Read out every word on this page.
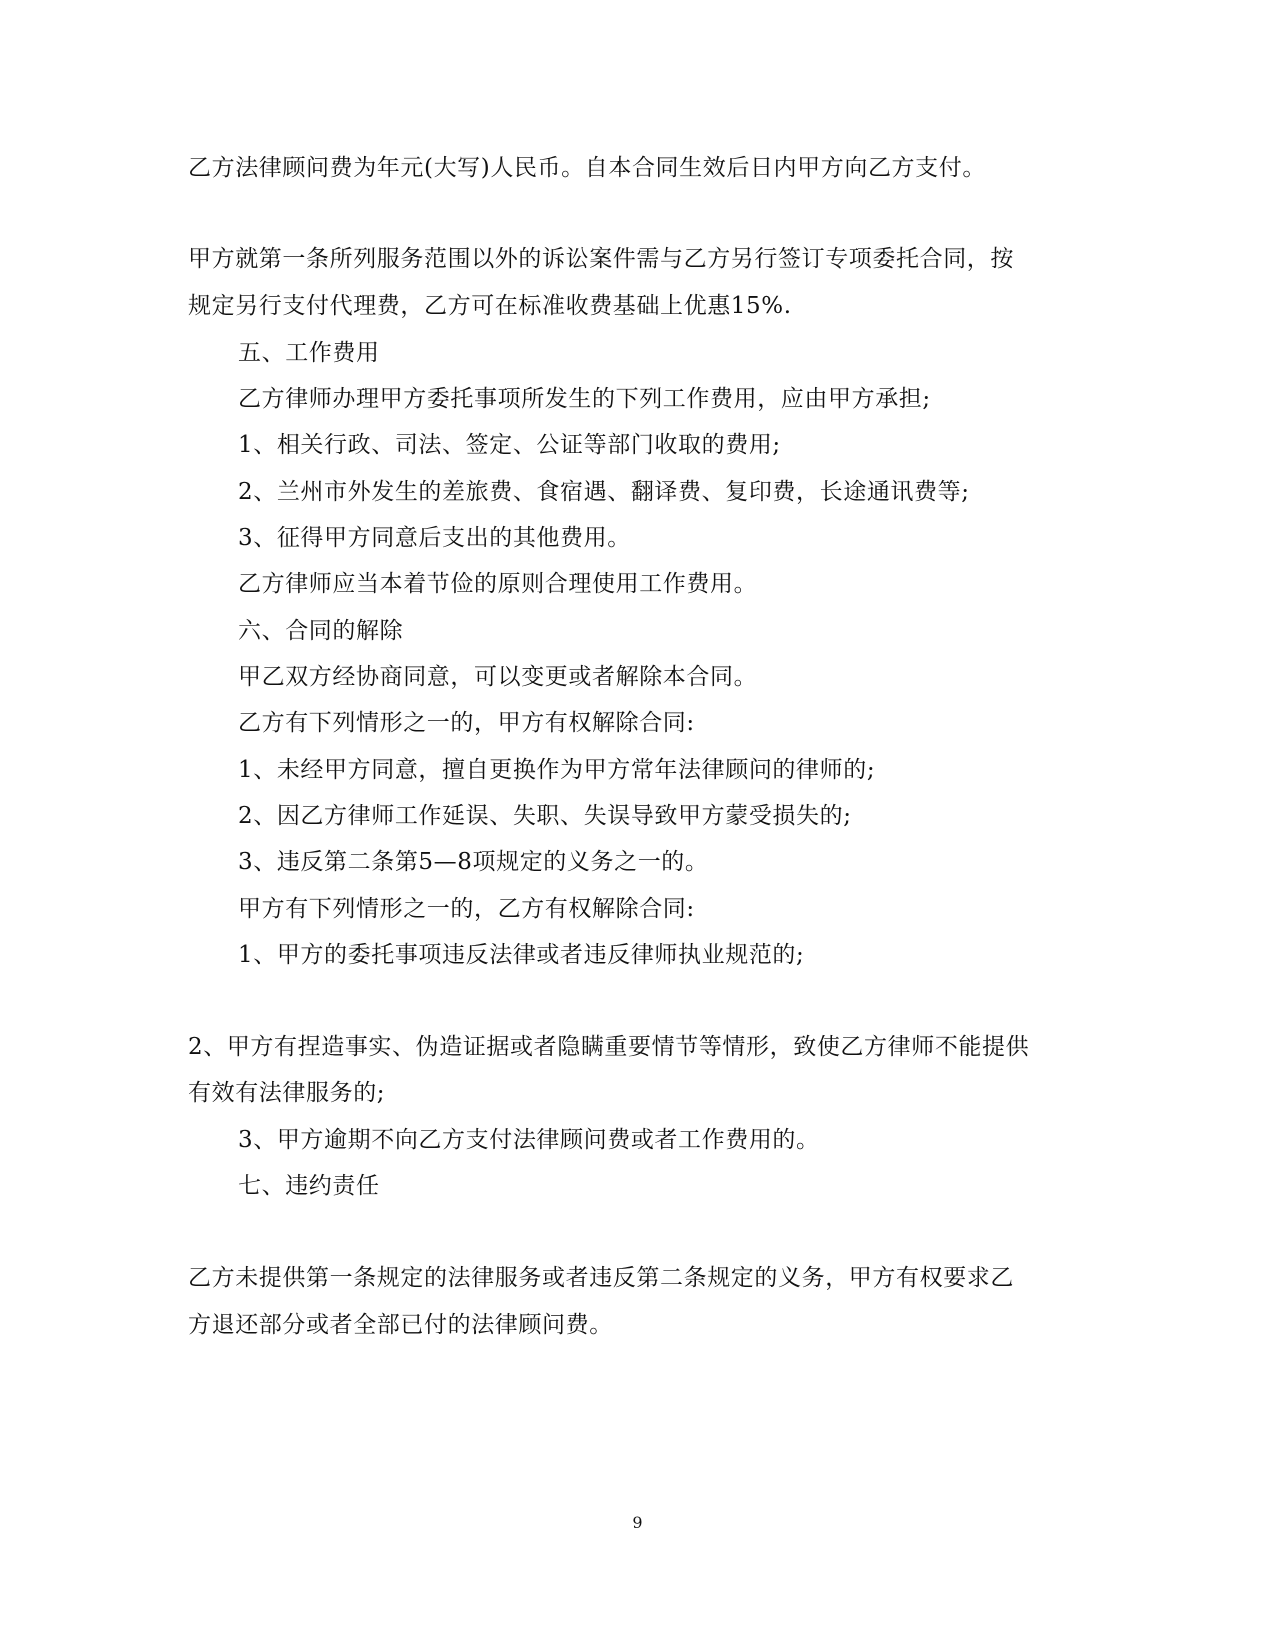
乙方法律顾问费为年元(大写)人民币。自本合同生效后日内甲方向乙方支付。
甲方就第一条所列服务范围以外的诉讼案件需与乙方另行签订专项委托合同，按
规定另行支付代理费，乙方可在标准收费基础上优惠15%.
五、工作费用
乙方律师办理甲方委托事项所发生的下列工作费用，应由甲方承担;
1、相关行政、司法、签定、公证等部门收取的费用;
2、兰州市外发生的差旅费、食宿遇、翻译费、复印费，长途通讯费等;
3、征得甲方同意后支出的其他费用。
乙方律师应当本着节俭的原则合理使用工作费用。
六、合同的解除
甲乙双方经协商同意，可以变更或者解除本合同。
乙方有下列情形之一的，甲方有权解除合同:
1、未经甲方同意，擅自更换作为甲方常年法律顾问的律师的;
2、因乙方律师工作延误、失职、失误导致甲方蒙受损失的;
3、违反第二条第5—8项规定的义务之一的。
甲方有下列情形之一的，乙方有权解除合同:
1、甲方的委托事项违反法律或者违反律师执业规范的;
2、甲方有捏造事实、伪造证据或者隐瞒重要情节等情形，致使乙方律师不能提供
有效有法律服务的;
3、甲方逾期不向乙方支付法律顾问费或者工作费用的。
七、违约责任
乙方未提供第一条规定的法律服务或者违反第二条规定的义务，甲方有权要求乙
方退还部分或者全部已付的法律顾问费。
9
